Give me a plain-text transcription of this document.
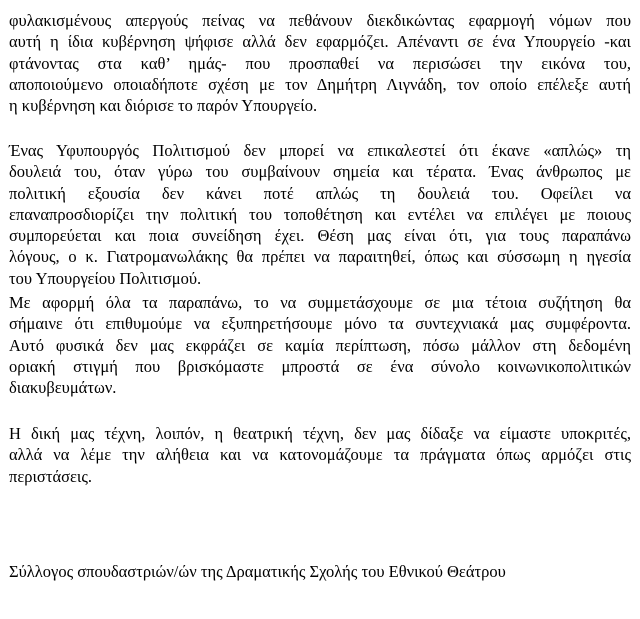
φυλακισμένους απεργούς πείνας να πεθάνουν διεκδικώντας εφαρμογή νόμων που
αυτή η ίδια κυβέρνηση ψήφισε αλλά δεν εφαρμόζει. Απέναντι σε ένα Υπουργείο -και
φτάνοντας στα καθ’ ημάς- που προσπαθεί να περισώσει την εικόνα του,
αποποιούμενο οποιαδήποτε σχέση με τον Δημήτρη Λιγνάδη, τον οποίο επέλεξε αυτή
η κυβέρνηση και διόρισε το παρόν Υπουργείο.

Ένας Υφυπουργός Πολιτισμού δεν μπορεί να επικαλεστεί ότι έκανε «απλώς» τη
δουλειά του, όταν γύρω του συμβαίνουν σημεία και τέρατα. Ένας άνθρωπος με
πολιτική εξουσία δεν κάνει ποτέ απλώς τη δουλειά του. Οφείλει να
επαναπροσδιορίζει την πολιτική του τοποθέτηση και εντέλει να επιλέγει με ποιους
συμπορεύεται και ποια συνείδηση έχει. Θέση μας είναι ότι, για τους παραπάνω
λόγους, ο κ. Γιατρομανωλάκης θα πρέπει να παραιτηθεί, όπως και σύσσωμη η ηγεσία
του Υπουργείου Πολιτισμού.

Με αφορμή όλα τα παραπάνω, το να συμμετάσχουμε σε μια τέτοια συζήτηση θα
σήμαινε ότι επιθυμούμε να εξυπηρετήσουμε μόνο τα συντεχνιακά μας συμφέροντα.
Αυτό φυσικά δεν μας εκφράζει σε καμία περίπτωση, πόσω μάλλον στη δεδομένη
οριακή στιγμή που βρισκόμαστε μπροστά σε ένα σύνολο κοινωνικοπολιτικών
διακυβευμάτων.

Η δική μας τέχνη, λοιπόν, η θεατρική τέχνη, δεν μας δίδαξε να είμαστε υποκριτές,
αλλά να λέμε την αλήθεια και να κατονομάζουμε τα πράγματα όπως αρμόζει στις
περιστάσεις.

Σύλλογος σπουδαστριών/ών της Δραματικής Σχολής του Εθνικού Θεάτρου
